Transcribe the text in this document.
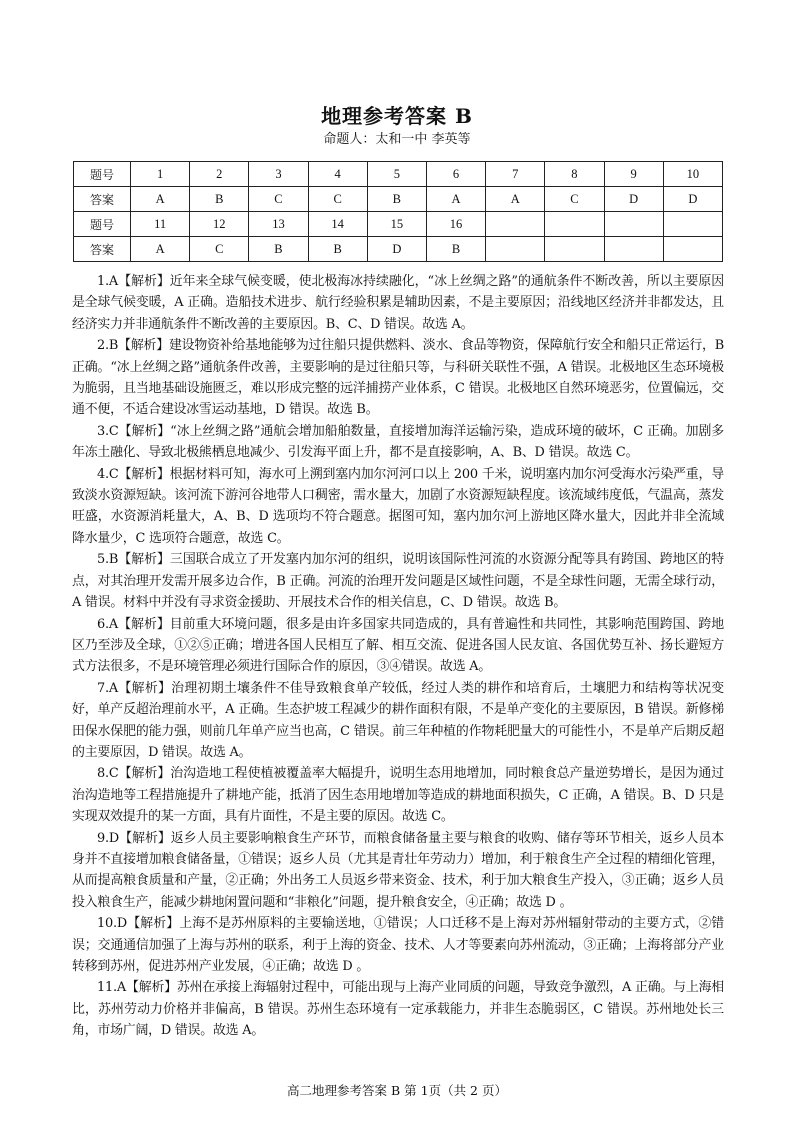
地理参考答案 B
命题人：太和一中 李英等
题号	1	2	3	4	5	6	7	8	9	10
答案	A	B	C	C	B	A	A	C	D	D
题号	11	12	13	14	15	16				
答案	A	C	B	B	D	B				

1.A【解析】近年来全球气候变暖，使北极海冰持续融化，“冰上丝绸之路”的通航条件不断改善，所以主要原因是全球气候变暖，A 正确。造船技术进步、航行经验积累是辅助因素，不是主要原因；沿线地区经济并非都发达，且经济实力并非通航条件不断改善的主要原因。B、C、D 错误。故选 A。

2.B【解析】建设物资补给基地能够为过往船只提供燃料、淡水、食品等物资，保障航行安全和船只正常运行，B 正确。“冰上丝绸之路”通航条件改善，主要影响的是过往船只等，与科研关联性不强，A 错误。北极地区生态环境极为脆弱，且当地基础设施匮乏，难以形成完整的远洋捕捞产业体系，C 错误。北极地区自然环境恶劣，位置偏远，交通不便，不适合建设冰雪运动基地，D 错误。故选 B。

3.C【解析】“冰上丝绸之路”通航会增加船舶数量，直接增加海洋运输污染，造成环境的破坏，C 正确。加剧多年冻土融化、导致北极熊栖息地减少、引发海平面上升，都不是直接影响，A、B、D 错误。故选 C。

4.C【解析】根据材料可知，海水可上溯到塞内加尔河河口以上 200 千米，说明塞内加尔河受海水污染严重，导致淡水资源短缺。该河流下游河谷地带人口稠密，需水量大，加剧了水资源短缺程度。该流域纬度低，气温高，蒸发旺盛，水资源消耗量大，A、B、D 选项均不符合题意。据图可知，塞内加尔河上游地区降水量大，因此并非全流域降水量少，C 选项符合题意，故选 C。

5.B【解析】三国联合成立了开发塞内加尔河的组织，说明该国际性河流的水资源分配等具有跨国、跨地区的特点，对其治理开发需开展多边合作，B 正确。河流的治理开发问题是区域性问题，不是全球性问题，无需全球行动，A 错误。材料中并没有寻求资金援助、开展技术合作的相关信息，C、D 错误。故选 B。

6.A【解析】目前重大环境问题，很多是由许多国家共同造成的，具有普遍性和共同性，其影响范围跨国、跨地区乃至涉及全球，①②⑤正确；增进各国人民相互了解、相互交流、促进各国人民友谊、各国优势互补、扬长避短方式方法很多，不是环境管理必须进行国际合作的原因，③④错误。故选 A。

7.A【解析】治理初期土壤条件不佳导致粮食单产较低，经过人类的耕作和培育后，土壤肥力和结构等状况变好，单产反超治理前水平，A 正确。生态护坡工程减少的耕作面积有限，不是单产变化的主要原因，B 错误。新修梯田保水保肥的能力强，则前几年单产应当也高，C 错误。前三年种植的作物耗肥量大的可能性小，不是单产后期反超的主要原因，D 错误。故选 A。

8.C【解析】治沟造地工程使植被覆盖率大幅提升，说明生态用地增加，同时粮食总产量逆势增长，是因为通过治沟造地等工程措施提升了耕地产能，抵消了因生态用地增加等造成的耕地面积损失，C 正确，A 错误。B、D 只是实现双效提升的某一方面，具有片面性，不是主要的原因。故选 C。

9.D【解析】返乡人员主要影响粮食生产环节，而粮食储备量主要与粮食的收购、储存等环节相关，返乡人员本身并不直接增加粮食储备量，①错误；返乡人员（尤其是青壮年劳动力）增加，利于粮食生产全过程的精细化管理，从而提高粮食质量和产量，②正确；外出务工人员返乡带来资金、技术，利于加大粮食生产投入，③正确；返乡人员投入粮食生产，能减少耕地闲置问题和“非粮化”问题，提升粮食安全，④正确；故选 D 。

10.D【解析】上海不是苏州原料的主要输送地，①错误；人口迁移不是上海对苏州辐射带动的主要方式，②错误；交通通信加强了上海与苏州的联系，利于上海的资金、技术、人才等要素向苏州流动，③正确；上海将部分产业转移到苏州，促进苏州产业发展，④正确；故选 D 。

11.A【解析】苏州在承接上海辐射过程中，可能出现与上海产业同质的问题，导致竞争激烈，A 正确。与上海相比，苏州劳动力价格并非偏高，B 错误。苏州生态环境有一定承载能力，并非生态脆弱区，C 错误。苏州地处长三角，市场广阔，D 错误。故选 A。

高二地理参考答案 B 第 1页（共 2 页）
